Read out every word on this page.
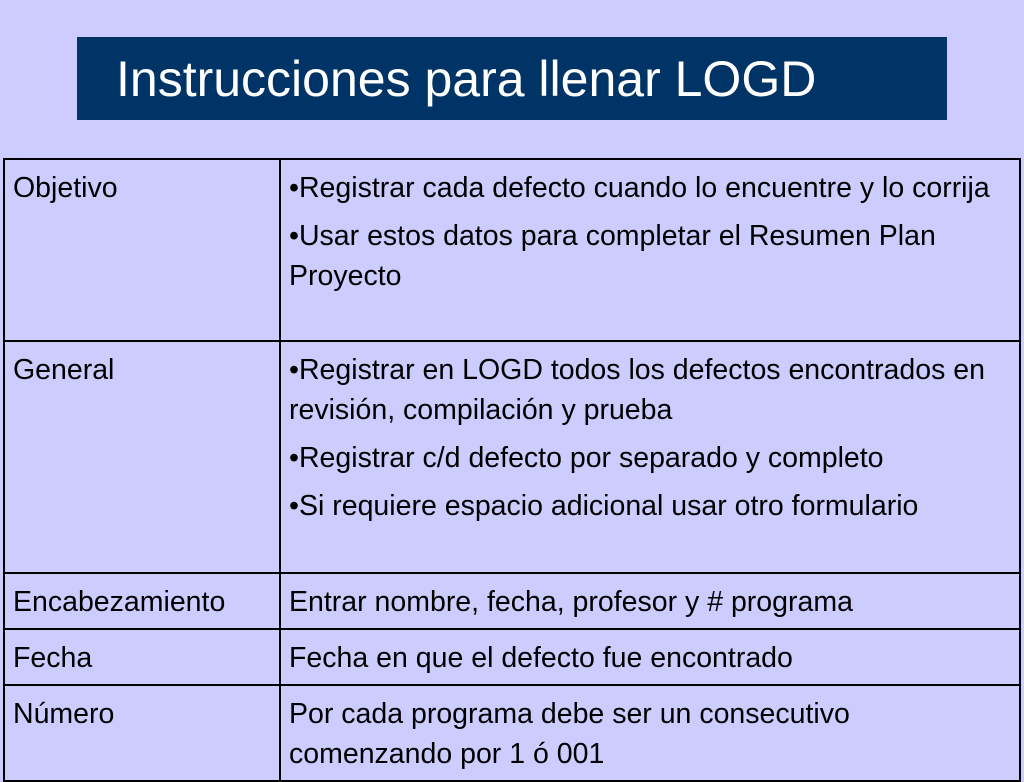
Instrucciones para llenar LOGD
Objetivo	•Registrar cada defecto cuando lo encuentre y lo corrija
•Usar estos datos para completar el Resumen Plan Proyecto

General	•Registrar en LOGD todos los defectos encontrados en revisión, compilación y prueba
•Registrar c/d defecto por separado y completo
•Si requiere espacio adicional usar otro formulario

Encabezamiento	Entrar nombre, fecha, profesor y # programa

Fecha	Fecha en que el defecto fue encontrado

Número	Por cada programa debe ser un consecutivo comenzando por 1 ó 001
